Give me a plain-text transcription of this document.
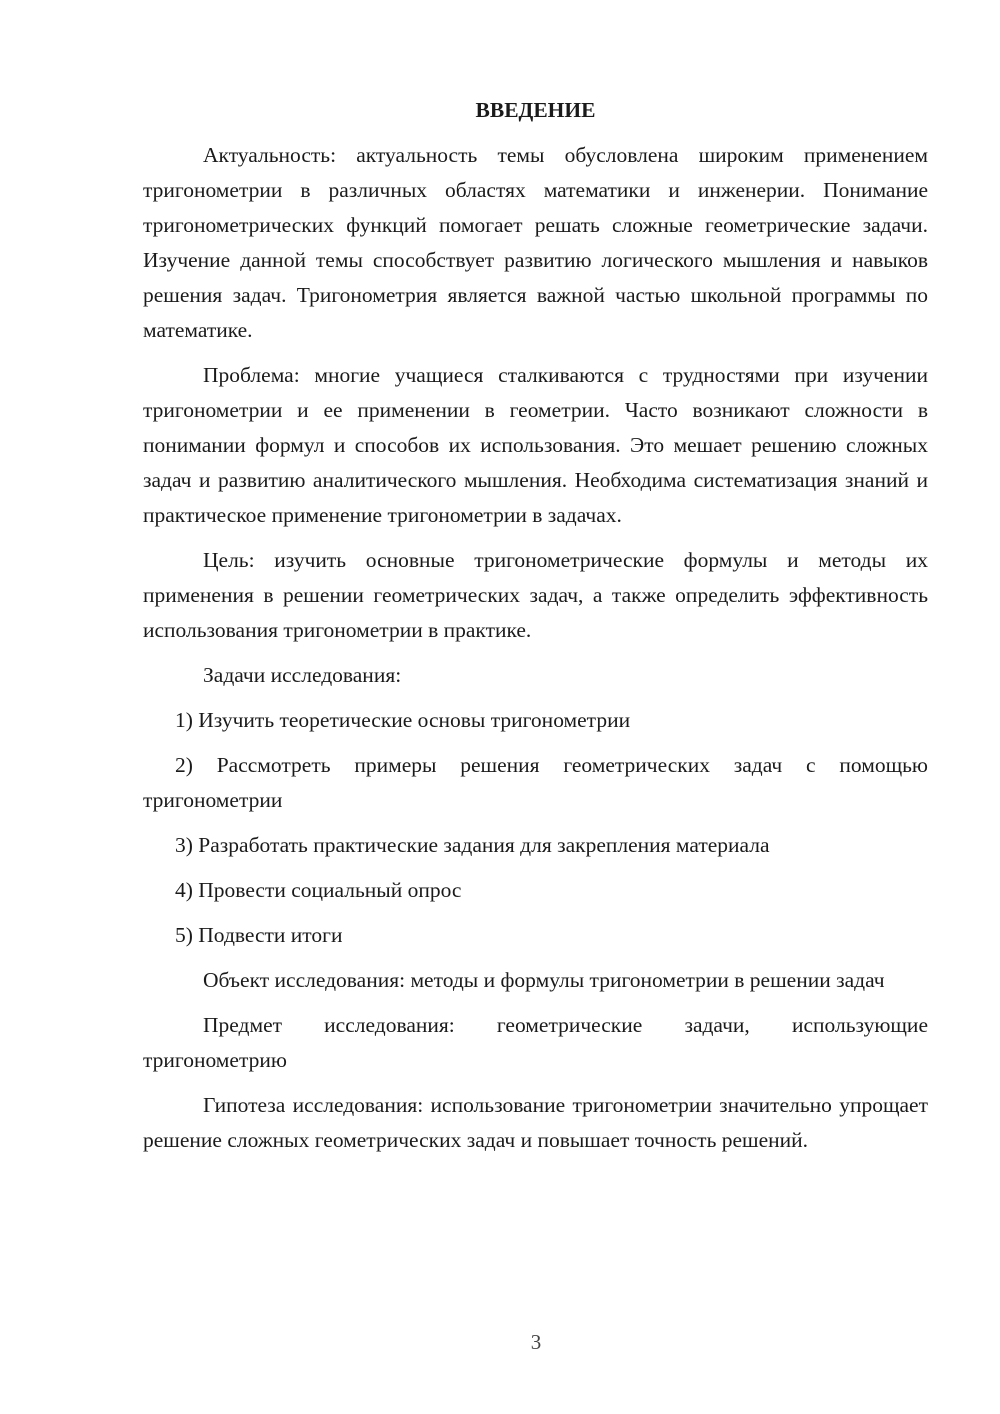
ВВЕДЕНИЕ

Актуальность: актуальность темы обусловлена широким применением тригонометрии в различных областях математики и инженерии. Понимание тригонометрических функций помогает решать сложные геометрические задачи. Изучение данной темы способствует развитию логического мышления и навыков решения задач. Тригонометрия является важной частью школьной программы по математике.

Проблема: многие учащиеся сталкиваются с трудностями при изучении тригонометрии и ее применении в геометрии. Часто возникают сложности в понимании формул и способов их использования. Это мешает решению сложных задач и развитию аналитического мышления. Необходима систематизация знаний и практическое применение тригонометрии в задачах.

Цель: изучить основные тригонометрические формулы и методы их применения в решении геометрических задач, а также определить эффективность использования тригонометрии в практике.

Задачи исследования:

1) Изучить теоретические основы тригонометрии

2) Рассмотреть примеры решения геометрических задач с помощью тригонометрии

3) Разработать практические задания для закрепления материала

4) Провести социальный опрос

5) Подвести итоги

Объект исследования: методы и формулы тригонометрии в решении задач

Предмет исследования: геометрические задачи, использующие тригонометрию

Гипотеза исследования: использование тригонометрии значительно упрощает решение сложных геометрических задач и повышает точность решений.

3
